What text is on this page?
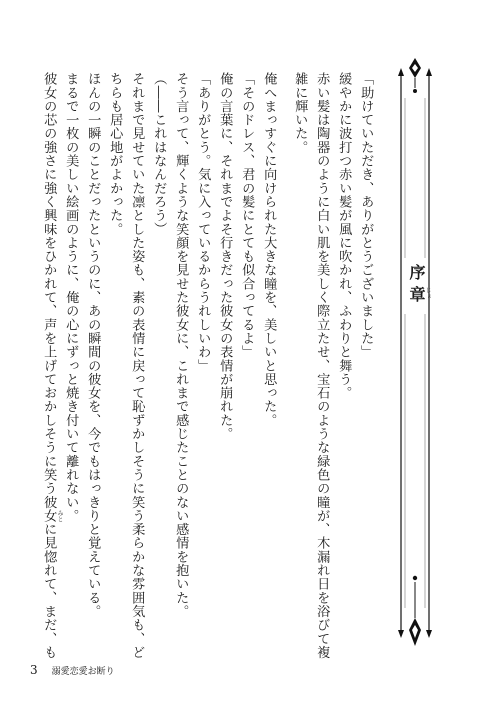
序章
じょ
「助けていただき、ありがとうございました」
緩やかに波打つ赤い髪が風に吹かれ、ふわりと舞う。
赤い髪は陶器のように白い肌を美しく際立たせ、宝石のような緑色の瞳が、木漏れ日を浴びて複
雑に輝いた。
俺へまっすぐに向けられた大きな瞳を、美しいと思った。
「そのドレス、君の髪にとても似合ってるよ」
俺の言葉に、それまでよそ行きだった彼女の表情が崩れた。
「ありがとう。気に入っているからうれしいわ」
そう言って、輝くような笑顔を見せた彼女に、これまで感じたことのない感情を抱いた。
（――これはなんだろう）
それまで見せていた凛とした姿も、素の表情に戻って恥ずかしそうに笑う柔らかな雰囲気も、ど
ちらも居心地がよかった。
ほんの一瞬のことだったというのに、あの瞬間の彼女を、今でもはっきりと覚えている。
まるで一枚の美しい絵画のように、俺の心にずっと焼き付いて離れない。
彼女の芯の強さに強く興味をひかれて、声を上げておかしそうに笑う彼女に見惚れて、まだ、も みと
3 溺愛恋愛お断り
